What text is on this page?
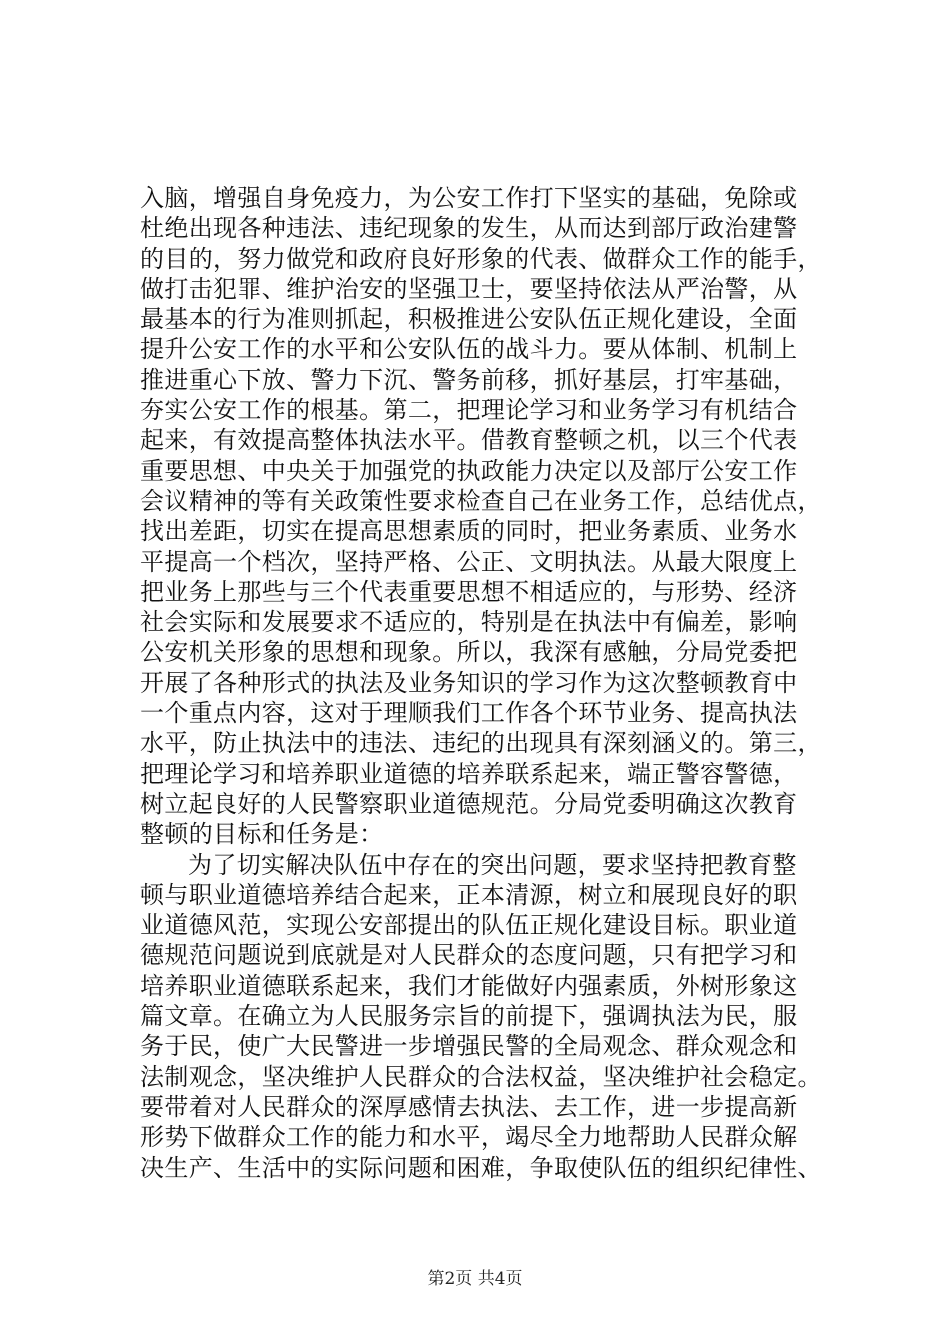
入脑，增强自身免疫力，为公安工作打下坚实的基础，免除或
杜绝出现各种违法、违纪现象的发生，从而达到部厅政治建警
的目的，努力做党和政府良好形象的代表、做群众工作的能手，
做打击犯罪、维护治安的坚强卫士，要坚持依法从严治警，从
最基本的行为准则抓起，积极推进公安队伍正规化建设，全面
提升公安工作的水平和公安队伍的战斗力。要从体制、机制上
推进重心下放、警力下沉、警务前移，抓好基层，打牢基础，
夯实公安工作的根基。第二，把理论学习和业务学习有机结合
起来，有效提高整体执法水平。借教育整顿之机，以三个代表
重要思想、中央关于加强党的执政能力决定以及部厅公安工作
会议精神的等有关政策性要求检查自己在业务工作，总结优点，
找出差距，切实在提高思想素质的同时，把业务素质、业务水
平提高一个档次，坚持严格、公正、文明执法。从最大限度上
把业务上那些与三个代表重要思想不相适应的，与形势、经济
社会实际和发展要求不适应的，特别是在执法中有偏差，影响
公安机关形象的思想和现象。所以，我深有感触，分局党委把
开展了各种形式的执法及业务知识的学习作为这次整顿教育中
一个重点内容，这对于理顺我们工作各个环节业务、提高执法
水平，防止执法中的违法、违纪的出现具有深刻涵义的。第三，
把理论学习和培养职业道德的培养联系起来，端正警容警德，
树立起良好的人民警察职业道德规范。分局党委明确这次教育
整顿的目标和任务是：
为了切实解决队伍中存在的突出问题，要求坚持把教育整
顿与职业道德培养结合起来，正本清源，树立和展现良好的职
业道德风范，实现公安部提出的队伍正规化建设目标。职业道
德规范问题说到底就是对人民群众的态度问题，只有把学习和
培养职业道德联系起来，我们才能做好内强素质，外树形象这
篇文章。在确立为人民服务宗旨的前提下，强调执法为民，服
务于民，使广大民警进一步增强民警的全局观念、群众观念和
法制观念，坚决维护人民群众的合法权益，坚决维护社会稳定。
要带着对人民群众的深厚感情去执法、去工作，进一步提高新
形势下做群众工作的能力和水平，竭尽全力地帮助人民群众解
决生产、生活中的实际问题和困难，争取使队伍的组织纪律性、
第2页 共4页
